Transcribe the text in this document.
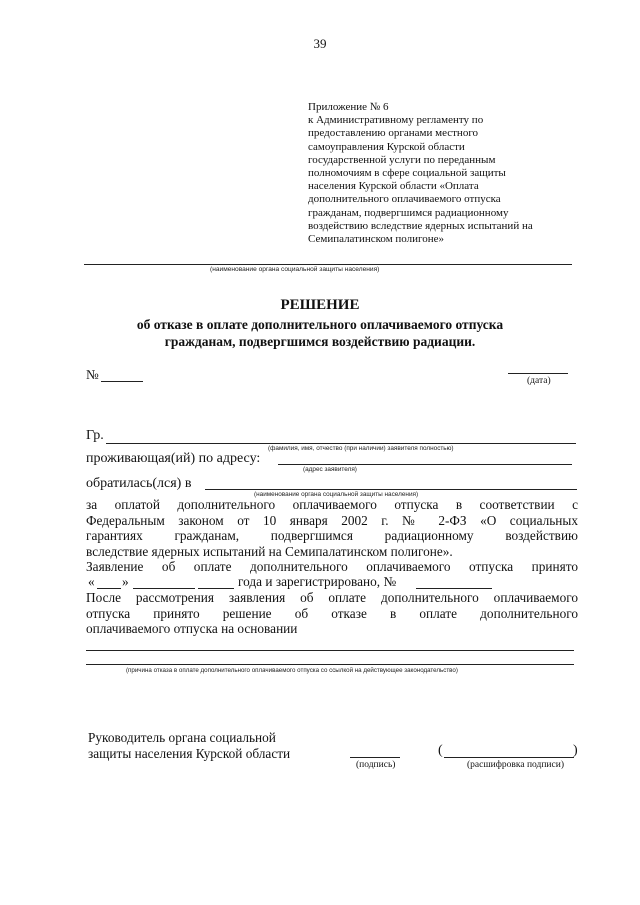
39
Приложение № 6
к Административному регламенту по
предоставлению органами местного
самоуправления Курской области
государственной услуги по переданным
полномочиям в сфере социальной защиты
населения Курской области «Оплата
дополнительного оплачиваемого отпуска
гражданам, подвергшимся радиационному
воздействию вследствие ядерных испытаний на
Семипалатинском полигоне»
(наименование органа социальной защиты населения)
РЕШЕНИЕ
об отказе в оплате дополнительного оплачиваемого отпуска
гражданам, подвергшимся воздействию радиации.
№	(дата)
Гр.
(фамилия, имя, отчество (при наличии) заявителя полностью)
проживающая(ий) по адресу:
(адрес заявителя)
обратилась(лся) в
(наименование органа социальной защиты населения)
за оплатой дополнительного оплачиваемого отпуска в соответствии с
Федеральным законом от 10 января 2002 г. № 2-ФЗ «О социальных
гарантиях гражданам, подвергшимся радиационному воздействию
вследствие ядерных испытаний на Семипалатинском полигоне».
Заявление об оплате дополнительного оплачиваемого отпуска принято
« »	года и зарегистрировано, №
После рассмотрения заявления об оплате дополнительного оплачиваемого
отпуска принято решение об отказе в оплате дополнительного
оплачиваемого отпуска на основании
(причина отказа в оплате дополнительного оплачиваемого отпуска со ссылкой на действующее законодательство)
Руководитель органа социальной
защиты населения Курской области
(подпись)
(	)
(расшифровка подписи)
